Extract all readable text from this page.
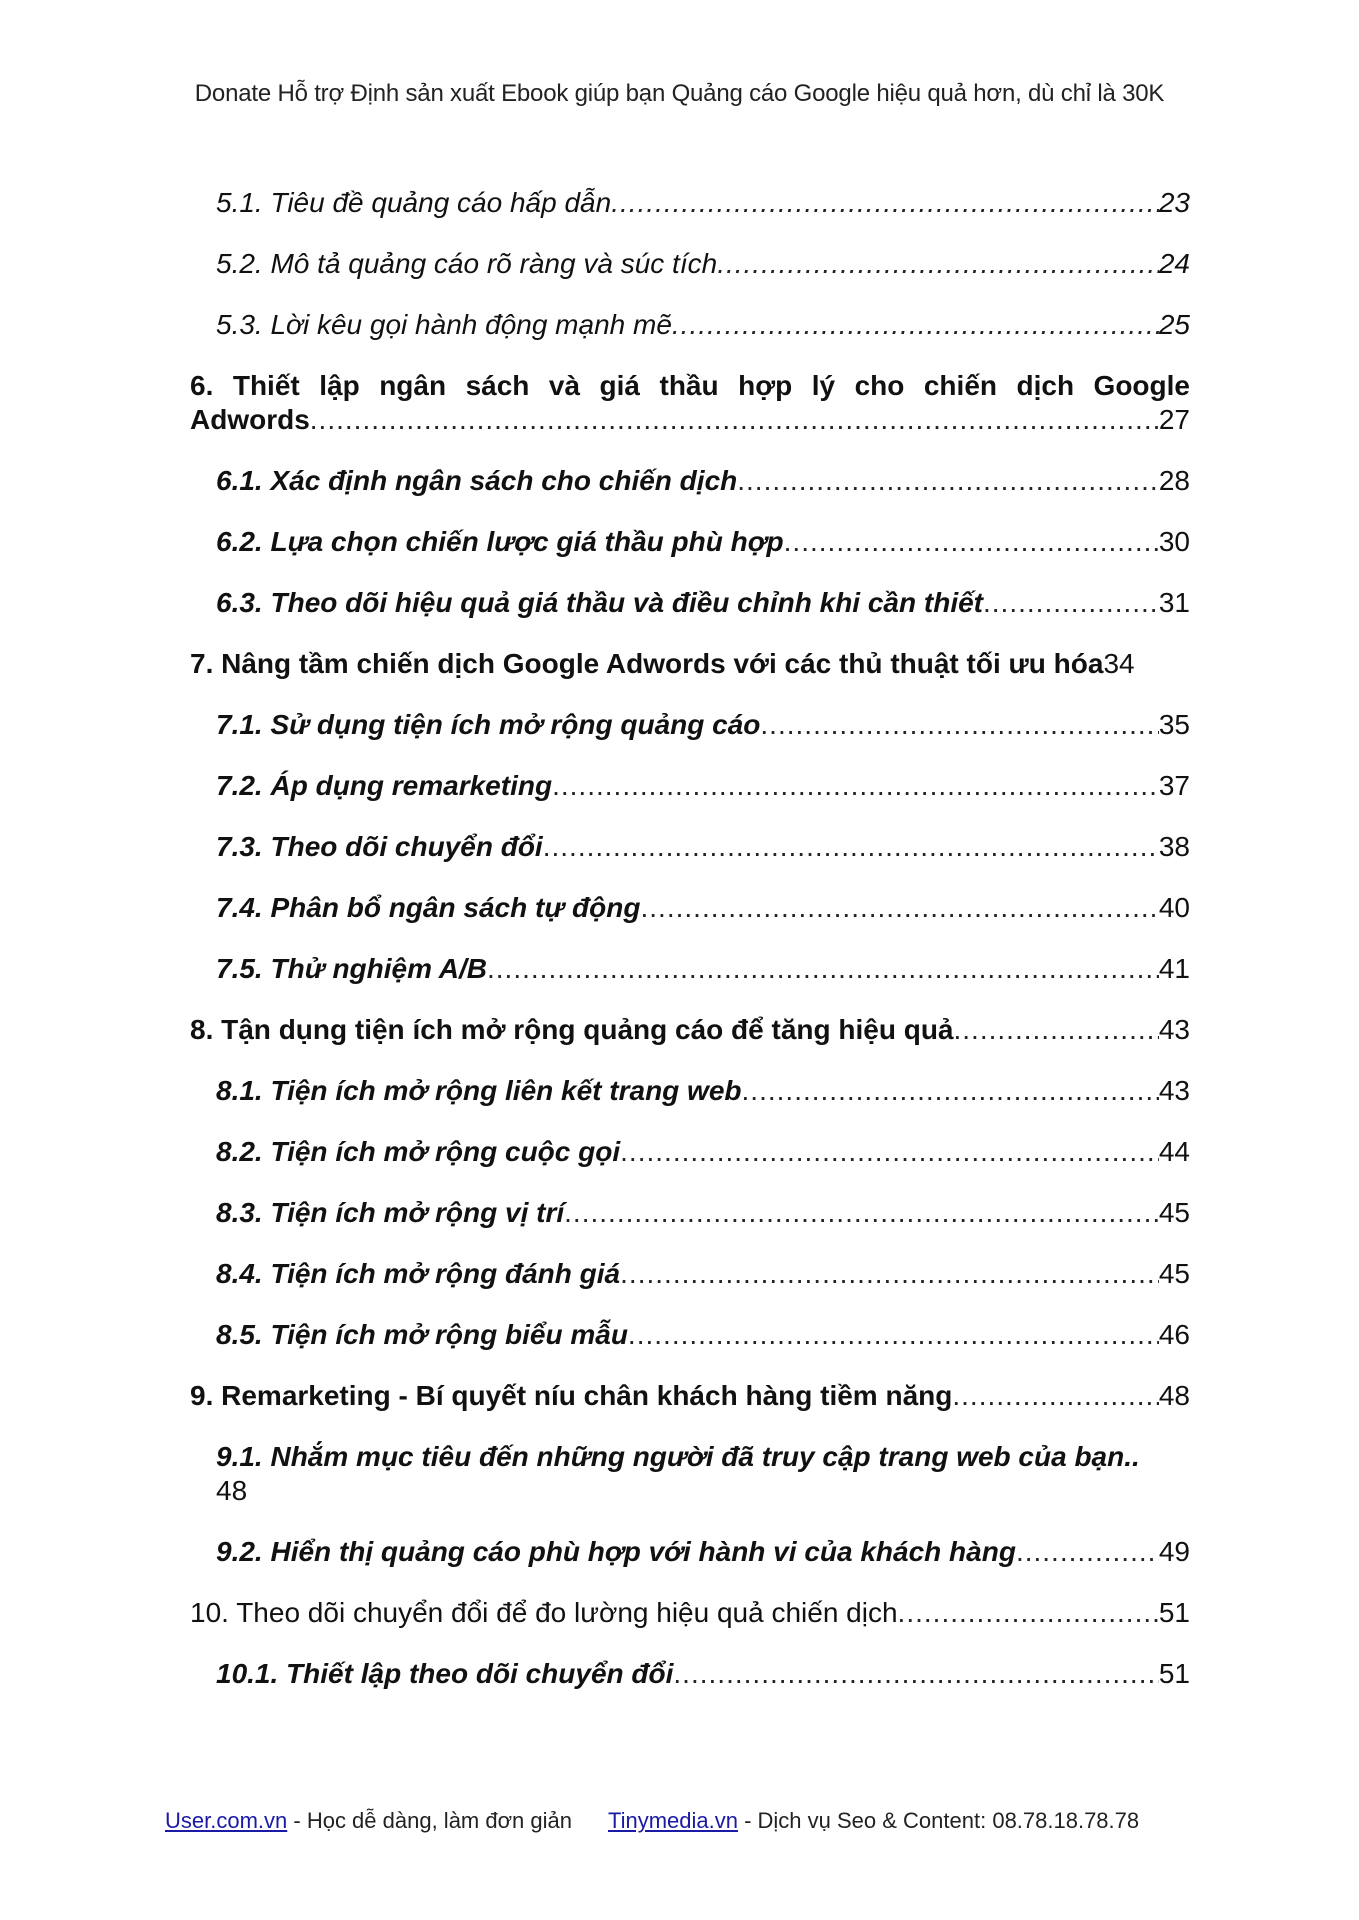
Donate Hỗ trợ Định sản xuất Ebook giúp bạn Quảng cáo Google hiệu quả hơn, dù chỉ là 30K
5.1. Tiêu đề quảng cáo hấp dẫn .....	23
5.2. Mô tả quảng cáo rõ ràng và súc tích .....	24
5.3. Lời kêu gọi hành động mạnh mẽ .....	25
6. Thiết lập ngân sách và giá thầu hợp lý cho chiến dịch Google
Adwords .....	27
6.1. Xác định ngân sách cho chiến dịch .....	28
6.2. Lựa chọn chiến lược giá thầu phù hợp .....	30
6.3. Theo dõi hiệu quả giá thầu và điều chỉnh khi cần thiết .....	31
7. Nâng tầm chiến dịch Google Adwords với các thủ thuật tối ưu hóa 34
7.1. Sử dụng tiện ích mở rộng quảng cáo .....	35
7.2. Áp dụng remarketing .....	37
7.3. Theo dõi chuyển đổi .....	38
7.4. Phân bổ ngân sách tự động .....	40
7.5. Thử nghiệm A/B .....	41
8. Tận dụng tiện ích mở rộng quảng cáo để tăng hiệu quả .....	43
8.1. Tiện ích mở rộng liên kết trang web .....	43
8.2. Tiện ích mở rộng cuộc gọi .....	44
8.3. Tiện ích mở rộng vị trí .....	45
8.4. Tiện ích mở rộng đánh giá .....	45
8.5. Tiện ích mở rộng biểu mẫu .....	46
9. Remarketing - Bí quyết níu chân khách hàng tiềm năng .....	48
9.1. Nhắm mục tiêu đến những người đã truy cập trang web của bạn..
48
9.2. Hiển thị quảng cáo phù hợp với hành vi của khách hàng .....	49
10. Theo dõi chuyển đổi để đo lường hiệu quả chiến dịch .....	51
10.1. Thiết lập theo dõi chuyển đổi .....	51
User.com.vn - Học dễ dàng, làm đơn giản Tinymedia.vn - Dịch vụ Seo & Content: 08.78.18.78.78
